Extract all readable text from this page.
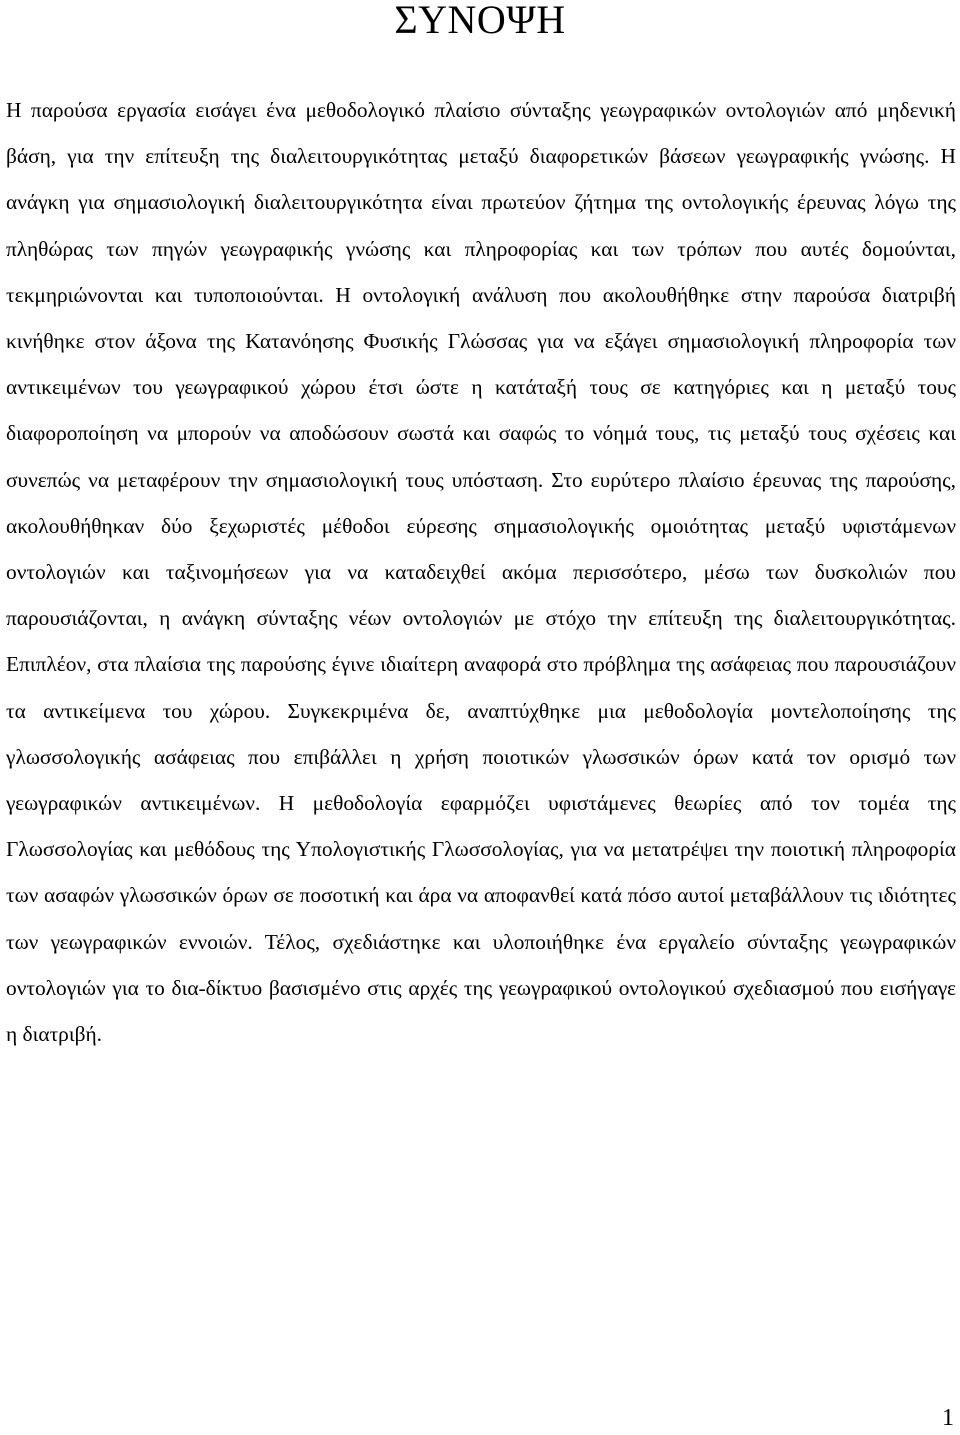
ΣΥΝΟΨΗ

Η παρούσα εργασία εισάγει ένα μεθοδολογικό πλαίσιο σύνταξης γεωγραφικών οντολογιών από μηδενική βάση, για την επίτευξη της διαλειτουργικότητας μεταξύ διαφορετικών βάσεων γεωγραφικής γνώσης. Η ανάγκη για σημασιολογική διαλειτουργικότητα είναι πρωτεύον ζήτημα της οντολογικής έρευνας λόγω της πληθώρας των πηγών γεωγραφικής γνώσης και πληροφορίας και των τρόπων που αυτές δομούνται, τεκμηριώνονται και τυποποιούνται. Η οντολογική ανάλυση που ακολουθήθηκε στην παρούσα διατριβή κινήθηκε στον άξονα της Κατανόησης Φυσικής Γλώσσας για να εξάγει σημασιολογική πληροφορία των αντικειμένων του γεωγραφικού χώρου έτσι ώστε η κατάταξή τους σε κατηγόριες και η μεταξύ τους διαφοροποίηση να μπορούν να αποδώσουν σωστά και σαφώς το νόημά τους, τις μεταξύ τους σχέσεις και συνεπώς να μεταφέρουν την σημασιολογική τους υπόσταση. Στο ευρύτερο πλαίσιο έρευνας της παρούσης, ακολουθήθηκαν δύο ξεχωριστές μέθοδοι εύρεσης σημασιολογικής ομοιότητας μεταξύ υφιστάμενων οντολογιών και ταξινομήσεων για να καταδειχθεί ακόμα περισσότερο, μέσω των δυσκολιών που παρουσιάζονται, η ανάγκη σύνταξης νέων οντολογιών με στόχο την επίτευξη της διαλειτουργικότητας. Επιπλέον, στα πλαίσια της παρούσης έγινε ιδιαίτερη αναφορά στο πρόβλημα της ασάφειας που παρουσιάζουν τα αντικείμενα του χώρου. Συγκεκριμένα δε, αναπτύχθηκε μια μεθοδολογία μοντελοποίησης της γλωσσολογικής ασάφειας που επιβάλλει η χρήση ποιοτικών γλωσσικών όρων κατά τον ορισμό των γεωγραφικών αντικειμένων. Η μεθοδολογία εφαρμόζει υφιστάμενες θεωρίες από τον τομέα της Γλωσσολογίας και μεθόδους της Υπολογιστικής Γλωσσολογίας, για να μετατρέψει την ποιοτική πληροφορία των ασαφών γλωσσικών όρων σε ποσοτική και άρα να αποφανθεί κατά πόσο αυτοί μεταβάλλουν τις ιδιότητες των γεωγραφικών εννοιών. Τέλος, σχεδιάστηκε και υλοποιήθηκε ένα εργαλείο σύνταξης γεωγραφικών οντολογιών για το δια-δίκτυο βασισμένο στις αρχές της γεωγραφικού οντολογικού σχεδιασμού που εισήγαγε η διατριβή.

1
